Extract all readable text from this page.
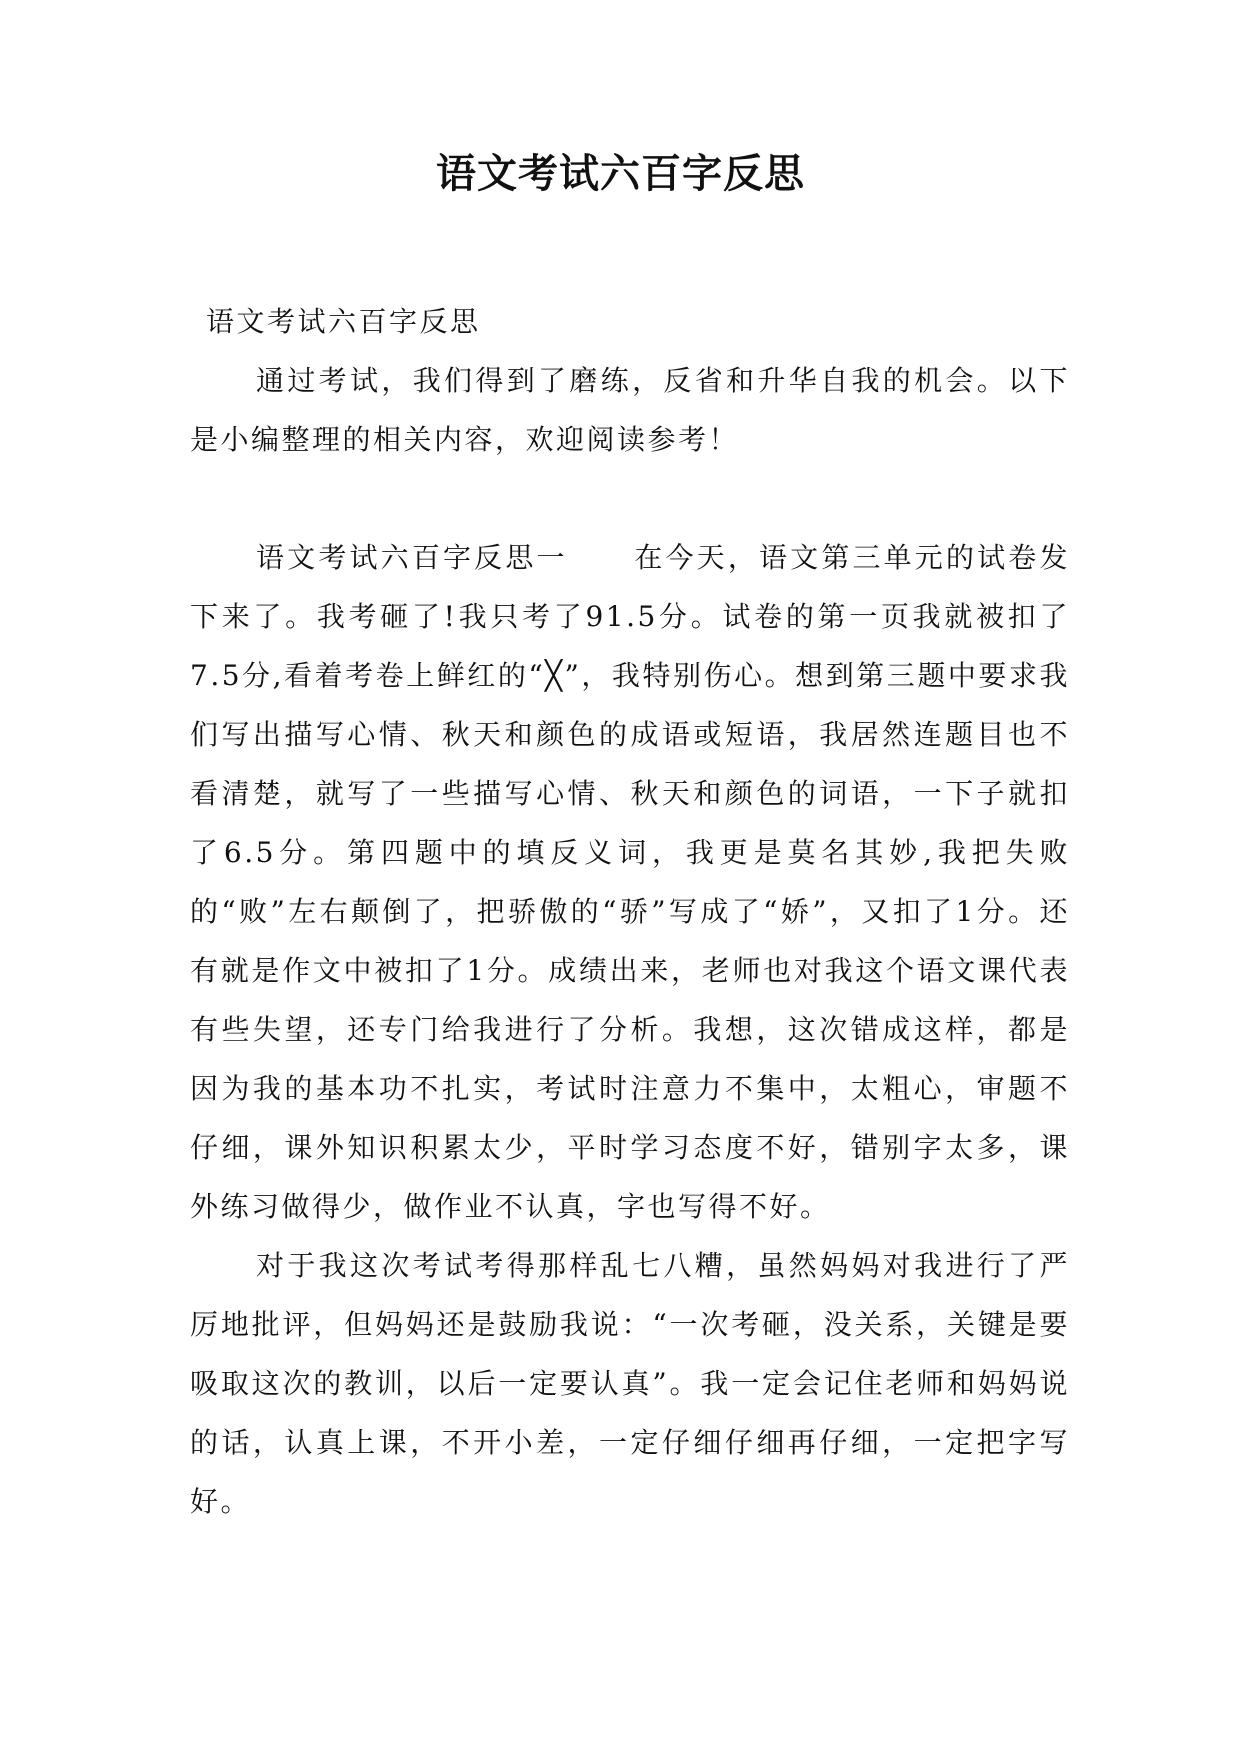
语文考试六百字反思

语文考试六百字反思

通过考试，我们得到了磨练，反省和升华自我的机会。以下是小编整理的相关内容，欢迎阅读参考！

语文考试六百字反思一 在今天，语文第三单元的试卷发下来了。我考砸了!我只考了91.5分。试卷的第一页我就被扣了7.5分,看着考卷上鲜红的“╳”，我特别伤心。想到第三题中要求我们写出描写心情、秋天和颜色的成语或短语，我居然连题目也不看清楚，就写了一些描写心情、秋天和颜色的词语，一下子就扣了6.5分。第四题中的填反义词，我更是莫名其妙,我把失败的“败”左右颠倒了，把骄傲的“骄”写成了“娇”，又扣了1分。还有就是作文中被扣了1分。成绩出来，老师也对我这个语文课代表有些失望，还专门给我进行了分析。我想，这次错成这样，都是因为我的基本功不扎实，考试时注意力不集中，太粗心，审题不仔细，课外知识积累太少，平时学习态度不好，错别字太多，课外练习做得少，做作业不认真，字也写得不好。

对于我这次考试考得那样乱七八糟，虽然妈妈对我进行了严厉地批评，但妈妈还是鼓励我说：“一次考砸，没关系，关键是要吸取这次的教训，以后一定要认真”。我一定会记住老师和妈妈说的话，认真上课，不开小差，一定仔细仔细再仔细，一定把字写好。
